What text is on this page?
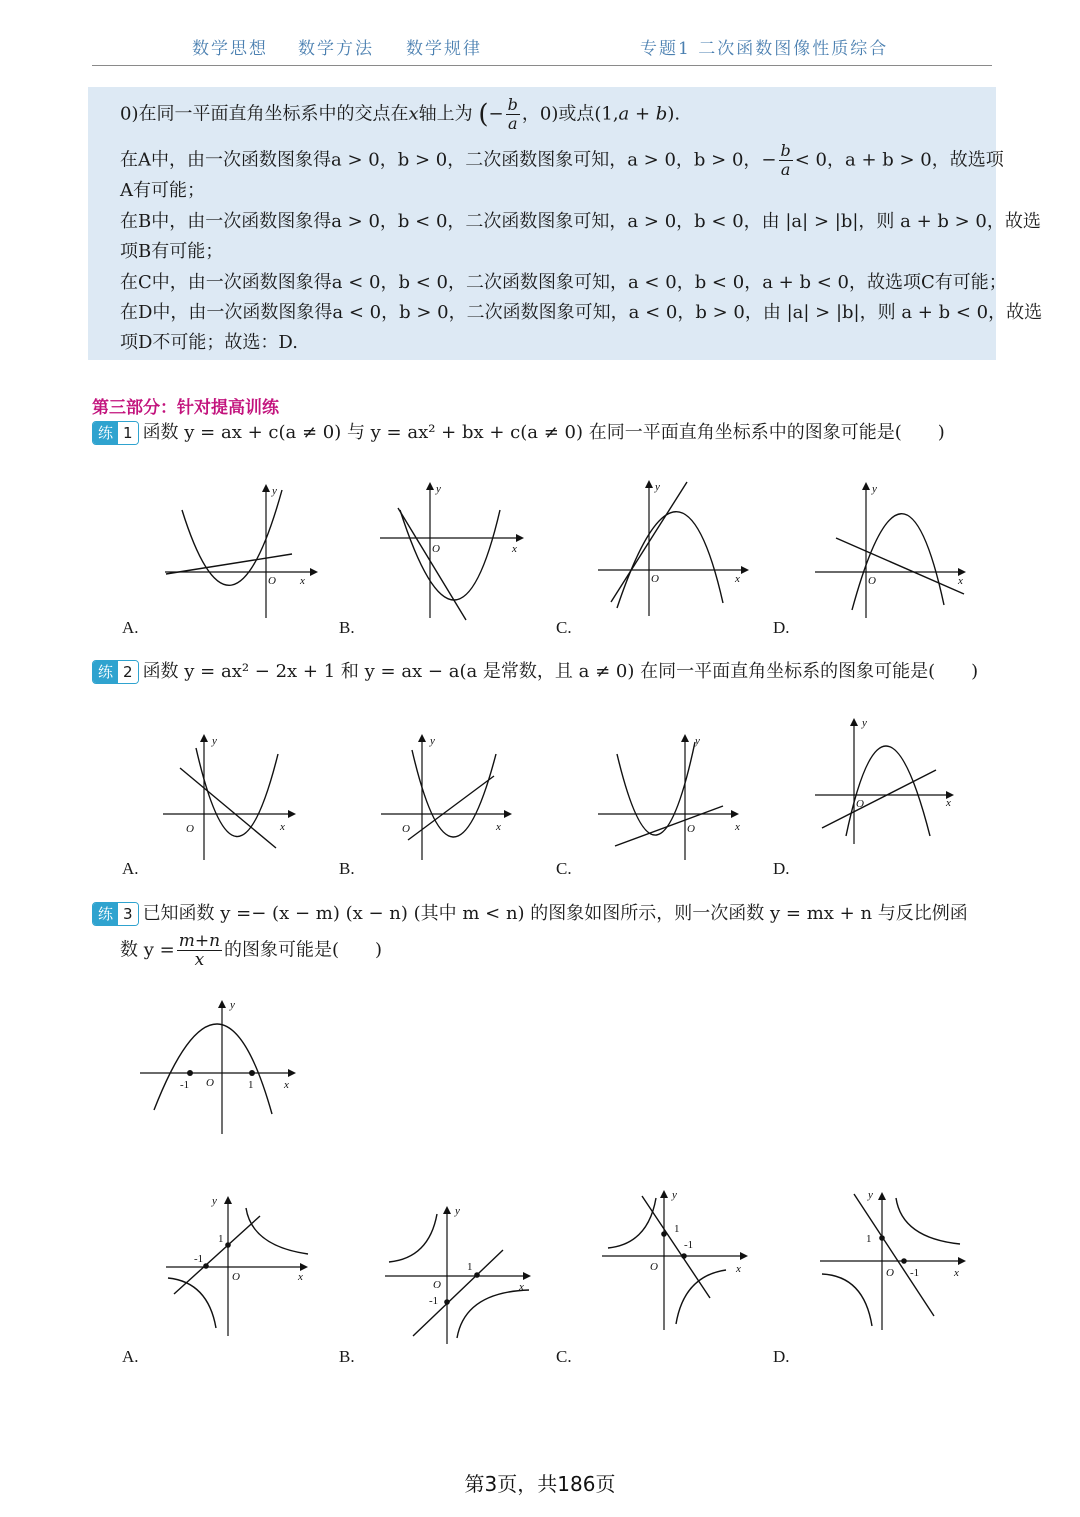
数学思想 数学方法 数学规律	专题1 二次函数图像性质综合
0)在同一平面直角坐标系中的交点在x轴上为 (− $\frac{b}{a}$ ，0)或点(1,a + b).
在A中，由一次函数图象得a > 0，b > 0，二次函数图象可知，a > 0，b > 0，− $\frac{b}{a} < 0$，a + b > 0，故选项
A有可能；
在B中，由一次函数图象得a > 0，b < 0，二次函数图象可知，a > 0，b < 0，由 |a| > |b|，则 a + b > 0，故选
项B有可能；
在C中，由一次函数图象得a < 0，b < 0，二次函数图象可知，a < 0，b < 0，a + b < 0，故选项C有可能；
在D中，由一次函数图象得a < 0，b > 0，二次函数图象可知，a < 0，b > 0，由 |a| > |b|，则 a + b < 0，故选
项D不可能；故选：D.
第三部分：针对提高训练
练 1 函数 y = ax + c(a ≠ 0) 与 y = ax² + bx + c(a ≠ 0) 在同一平面直角坐标系中的图象可能是(　　)
y
x
O
A.
y
x
O
B.
y
x
O
C.
y
x
O
D.
练 2 函数 y = ax² − 2x + 1 和 y = ax − a(a 是常数，且 a ≠ 0) 在同一平面直角坐标系的图象可能是(　　)
y
x
O
A.
y
x
O
B.
y
x
O
C.
y
x
O
D.
练 3 已知函数 y =− (x − m) (x − n) (其中 m < n) 的图象如图所示，则一次函数 y = mx + n 与反比例函
数 $y = \frac{m+n}{x}$ 的图象可能是(　　)
y
x
O
-1	1
y
x
O
-1
1
A.
y
x
O
1
-1
B.
y
x
O
1
-1
C.
y
x
O
1
-1
D.
第3页，共186页
